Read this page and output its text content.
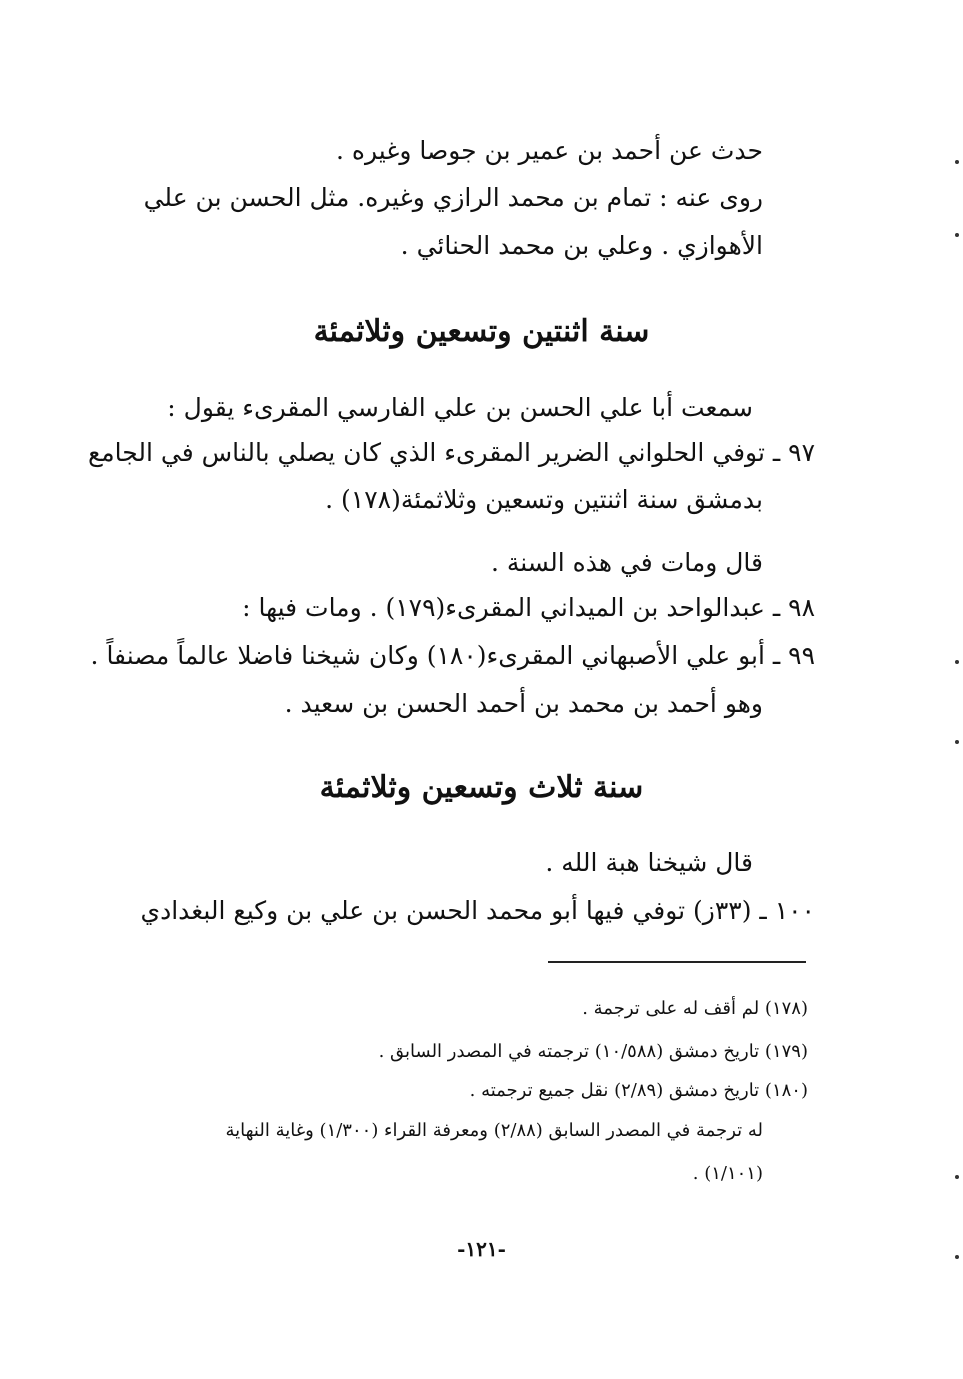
حدث عن أحمد بن عمير بن جوصا وغيره .
روى عنه : تمام بن محمد الرازي وغيره. مثل الحسن بن علي
الأهوازي . وعلي بن محمد الحنائي .
سنة اثنتين وتسعين وثلاثمئة
سمعت أبا علي الحسن بن علي الفارسي المقرىء يقول :
٩٧ ـ توفي الحلواني الضرير المقرىء الذي كان يصلي بالناس في الجامع
بدمشق سنة اثنتين وتسعين وثلاثمئة(١٧٨) .
قال ومات في هذه السنة .
٩٨ ـ عبدالواحد بن الميداني المقرىء(١٧٩) . ومات فيها :
٩٩ ـ أبو علي الأصبهاني المقرىء(١٨٠) وكان شيخنا فاضلا عالماً مصنفاً .
وهو أحمد بن محمد بن أحمد الحسن بن سعيد .
سنة ثلاث وتسعين وثلاثمئة
قال شيخنا هبة الله .
١٠٠ ـ (٣٣ز) توفي فيها أبو محمد الحسن بن علي بن وكيع البغدادي
(١٧٨) لم أقف له على ترجمة .
(١٧٩) تاريخ دمشق (١٠/٥٨٨) ترجمته في المصدر السابق .
(١٨٠) تاريخ دمشق (٢/٨٩) نقل جميع ترجمته .
له ترجمة في المصدر السابق (٢/٨٨) ومعرفة القراء (١/٣٠٠) وغاية النهاية
(١/١٠١) .
-١٢١-
